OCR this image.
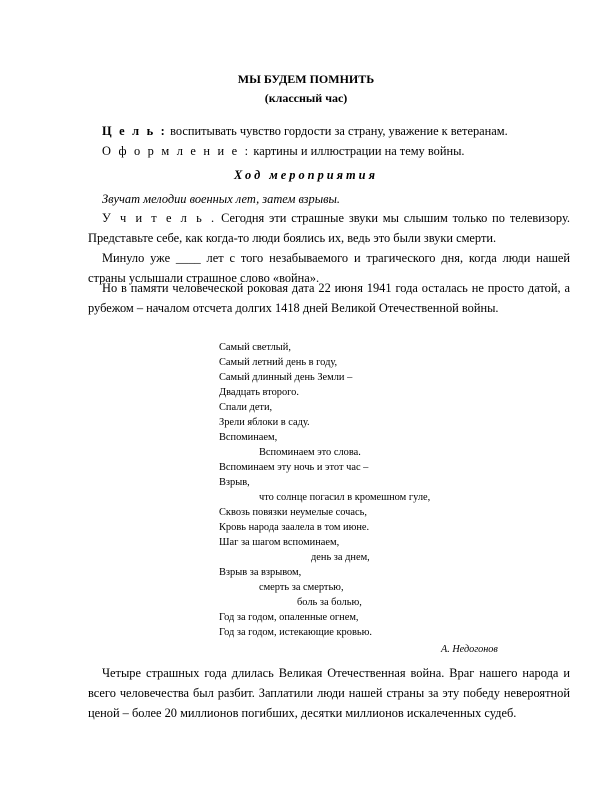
МЫ БУДЕМ ПОМНИТЬ
(классный час)
Ц е л ь : воспитывать чувство гордости за страну, уважение к ветеранам.
О ф о р м л е н и е : картины и иллюстрации на тему войны.
Ход мероприятия
Звучат мелодии военных лет, затем взрывы.
У ч и т е л ь . Сегодня эти страшные звуки мы слышим только по телевизору. Представьте себе, как когда-то люди боялись их, ведь это были звуки смерти.
Минуло уже ____ лет с того незабываемого и трагического дня, когда люди нашей страны услышали страшное слово «война».
Но в памяти человеческой роковая дата 22 июня 1941 года осталась не просто датой, а рубежом – началом отсчета долгих 1418 дней Великой Отечественной войны.
Самый светлый,
Самый летний день в году,
Самый длинный день Земли –
Двадцать второго.
Спали дети,
Зрели яблоки в саду.
Вспоминаем,
Вспоминаем это слова.
Вспоминаем эту ночь и этот час –
Взрыв,
что солнце погасил в кромешном гуле,
Сквозь повязки неумелые сочась,
Кровь народа заалела в том июне.
Шаг за шагом вспоминаем,
день за днем,
Взрыв за взрывом,
смерть за смертью,
боль за болью,
Год за годом, опаленные огнем,
Год за годом, истекающие кровью.
А. Недогонов
Четыре страшных года длилась Великая Отечественная война. Враг нашего народа и всего человечества был разбит. Заплатили люди нашей страны за эту победу невероятной ценой – более 20 миллионов погибших, десятки миллионов искалеченных судеб.
